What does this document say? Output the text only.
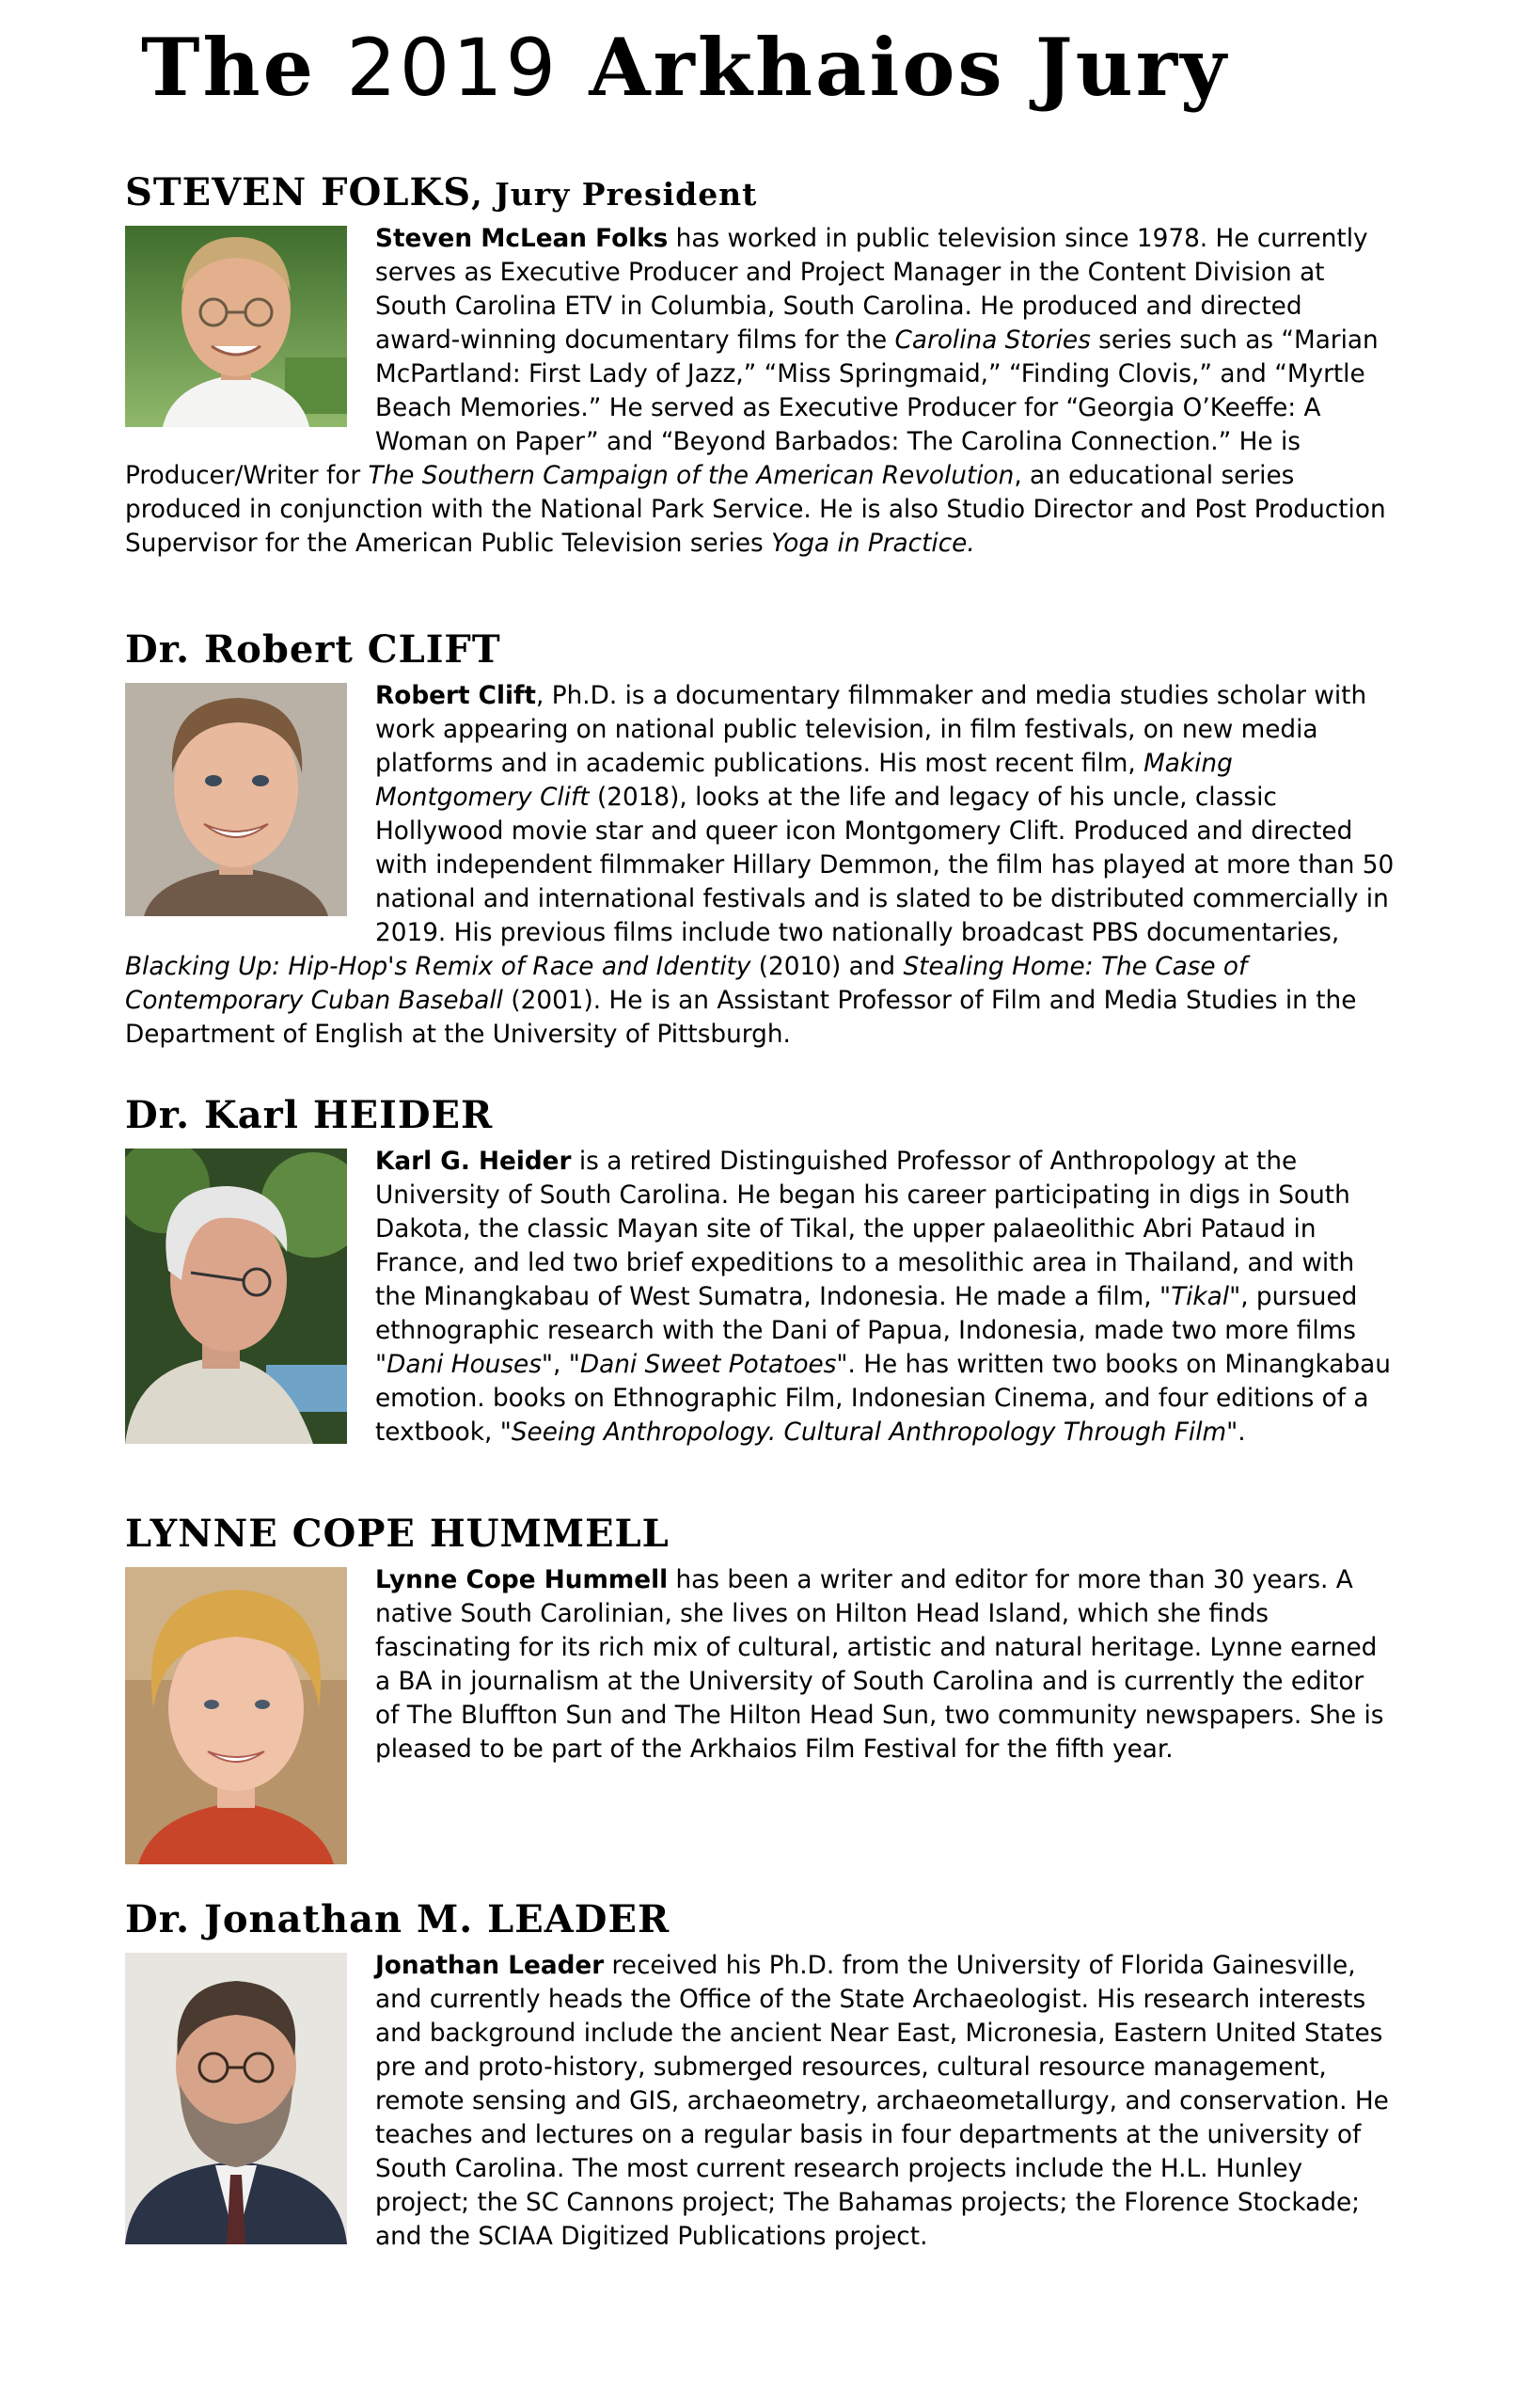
The 2019 Arkhaios Jury
STEVEN FOLKS, Jury President

Steven McLean Folks has worked in public television since 1978. He currently serves as Executive Producer and Project Manager in the Content Division at South Carolina ETV in Columbia, South Carolina. He produced and directed award-winning documentary films for the Carolina Stories series such as “Marian McPartland: First Lady of Jazz,” “Miss Springmaid,” “Finding Clovis,” and “Myrtle Beach Memories.” He served as Executive Producer for “Georgia O’Keeffe: A Woman on Paper” and “Beyond Barbados: The Carolina Connection.” He is Producer/Writer for The Southern Campaign of the American Revolution, an educational series produced in conjunction with the National Park Service. He is also Studio Director and Post Production Supervisor for the American Public Television series Yoga in Practice.

Dr. Robert CLIFT

Robert Clift, Ph.D. is a documentary filmmaker and media studies scholar with work appearing on national public television, in film festivals, on new media platforms and in academic publications. His most recent film, Making Montgomery Clift (2018), looks at the life and legacy of his uncle, classic Hollywood movie star and queer icon Montgomery Clift. Produced and directed with independent filmmaker Hillary Demmon, the film has played at more than 50 national and international festivals and is slated to be distributed commercially in 2019. His previous films include two nationally broadcast PBS documentaries, Blacking Up: Hip-Hop's Remix of Race and Identity (2010) and Stealing Home: The Case of Contemporary Cuban Baseball (2001). He is an Assistant Professor of Film and Media Studies in the Department of English at the University of Pittsburgh.

Dr. Karl HEIDER

Karl G. Heider is a retired Distinguished Professor of Anthropology at the University of South Carolina. He began his career participating in digs in South Dakota, the classic Mayan site of Tikal, the upper palaeolithic Abri Pataud in France, and led two brief expeditions to a mesolithic area in Thailand, and with the Minangkabau of West Sumatra, Indonesia. He made a film, "Tikal", pursued ethnographic research with the Dani of Papua, Indonesia, made two more films "Dani Houses", "Dani Sweet Potatoes". He has written two books on Minangkabau emotion. books on Ethnographic Film, Indonesian Cinema, and four editions of a textbook, "Seeing Anthropology. Cultural Anthropology Through Film".

LYNNE COPE HUMMELL

Lynne Cope Hummell has been a writer and editor for more than 30 years. A native South Carolinian, she lives on Hilton Head Island, which she finds fascinating for its rich mix of cultural, artistic and natural heritage. Lynne earned a BA in journalism at the University of South Carolina and is currently the editor of The Bluffton Sun and The Hilton Head Sun, two community newspapers. She is pleased to be part of the Arkhaios Film Festival for the fifth year.

Dr. Jonathan M. LEADER

Jonathan Leader received his Ph.D. from the University of Florida Gainesville, and currently heads the Office of the State Archaeologist. His research interests and background include the ancient Near East, Micronesia, Eastern United States pre and proto-history, submerged resources, cultural resource management, remote sensing and GIS, archaeometry, archaeometallurgy, and conservation. He teaches and lectures on a regular basis in four departments at the university of South Carolina. The most current research projects include the H.L. Hunley project; the SC Cannons project; The Bahamas projects; the Florence Stockade; and the SCIAA Digitized Publications project.
